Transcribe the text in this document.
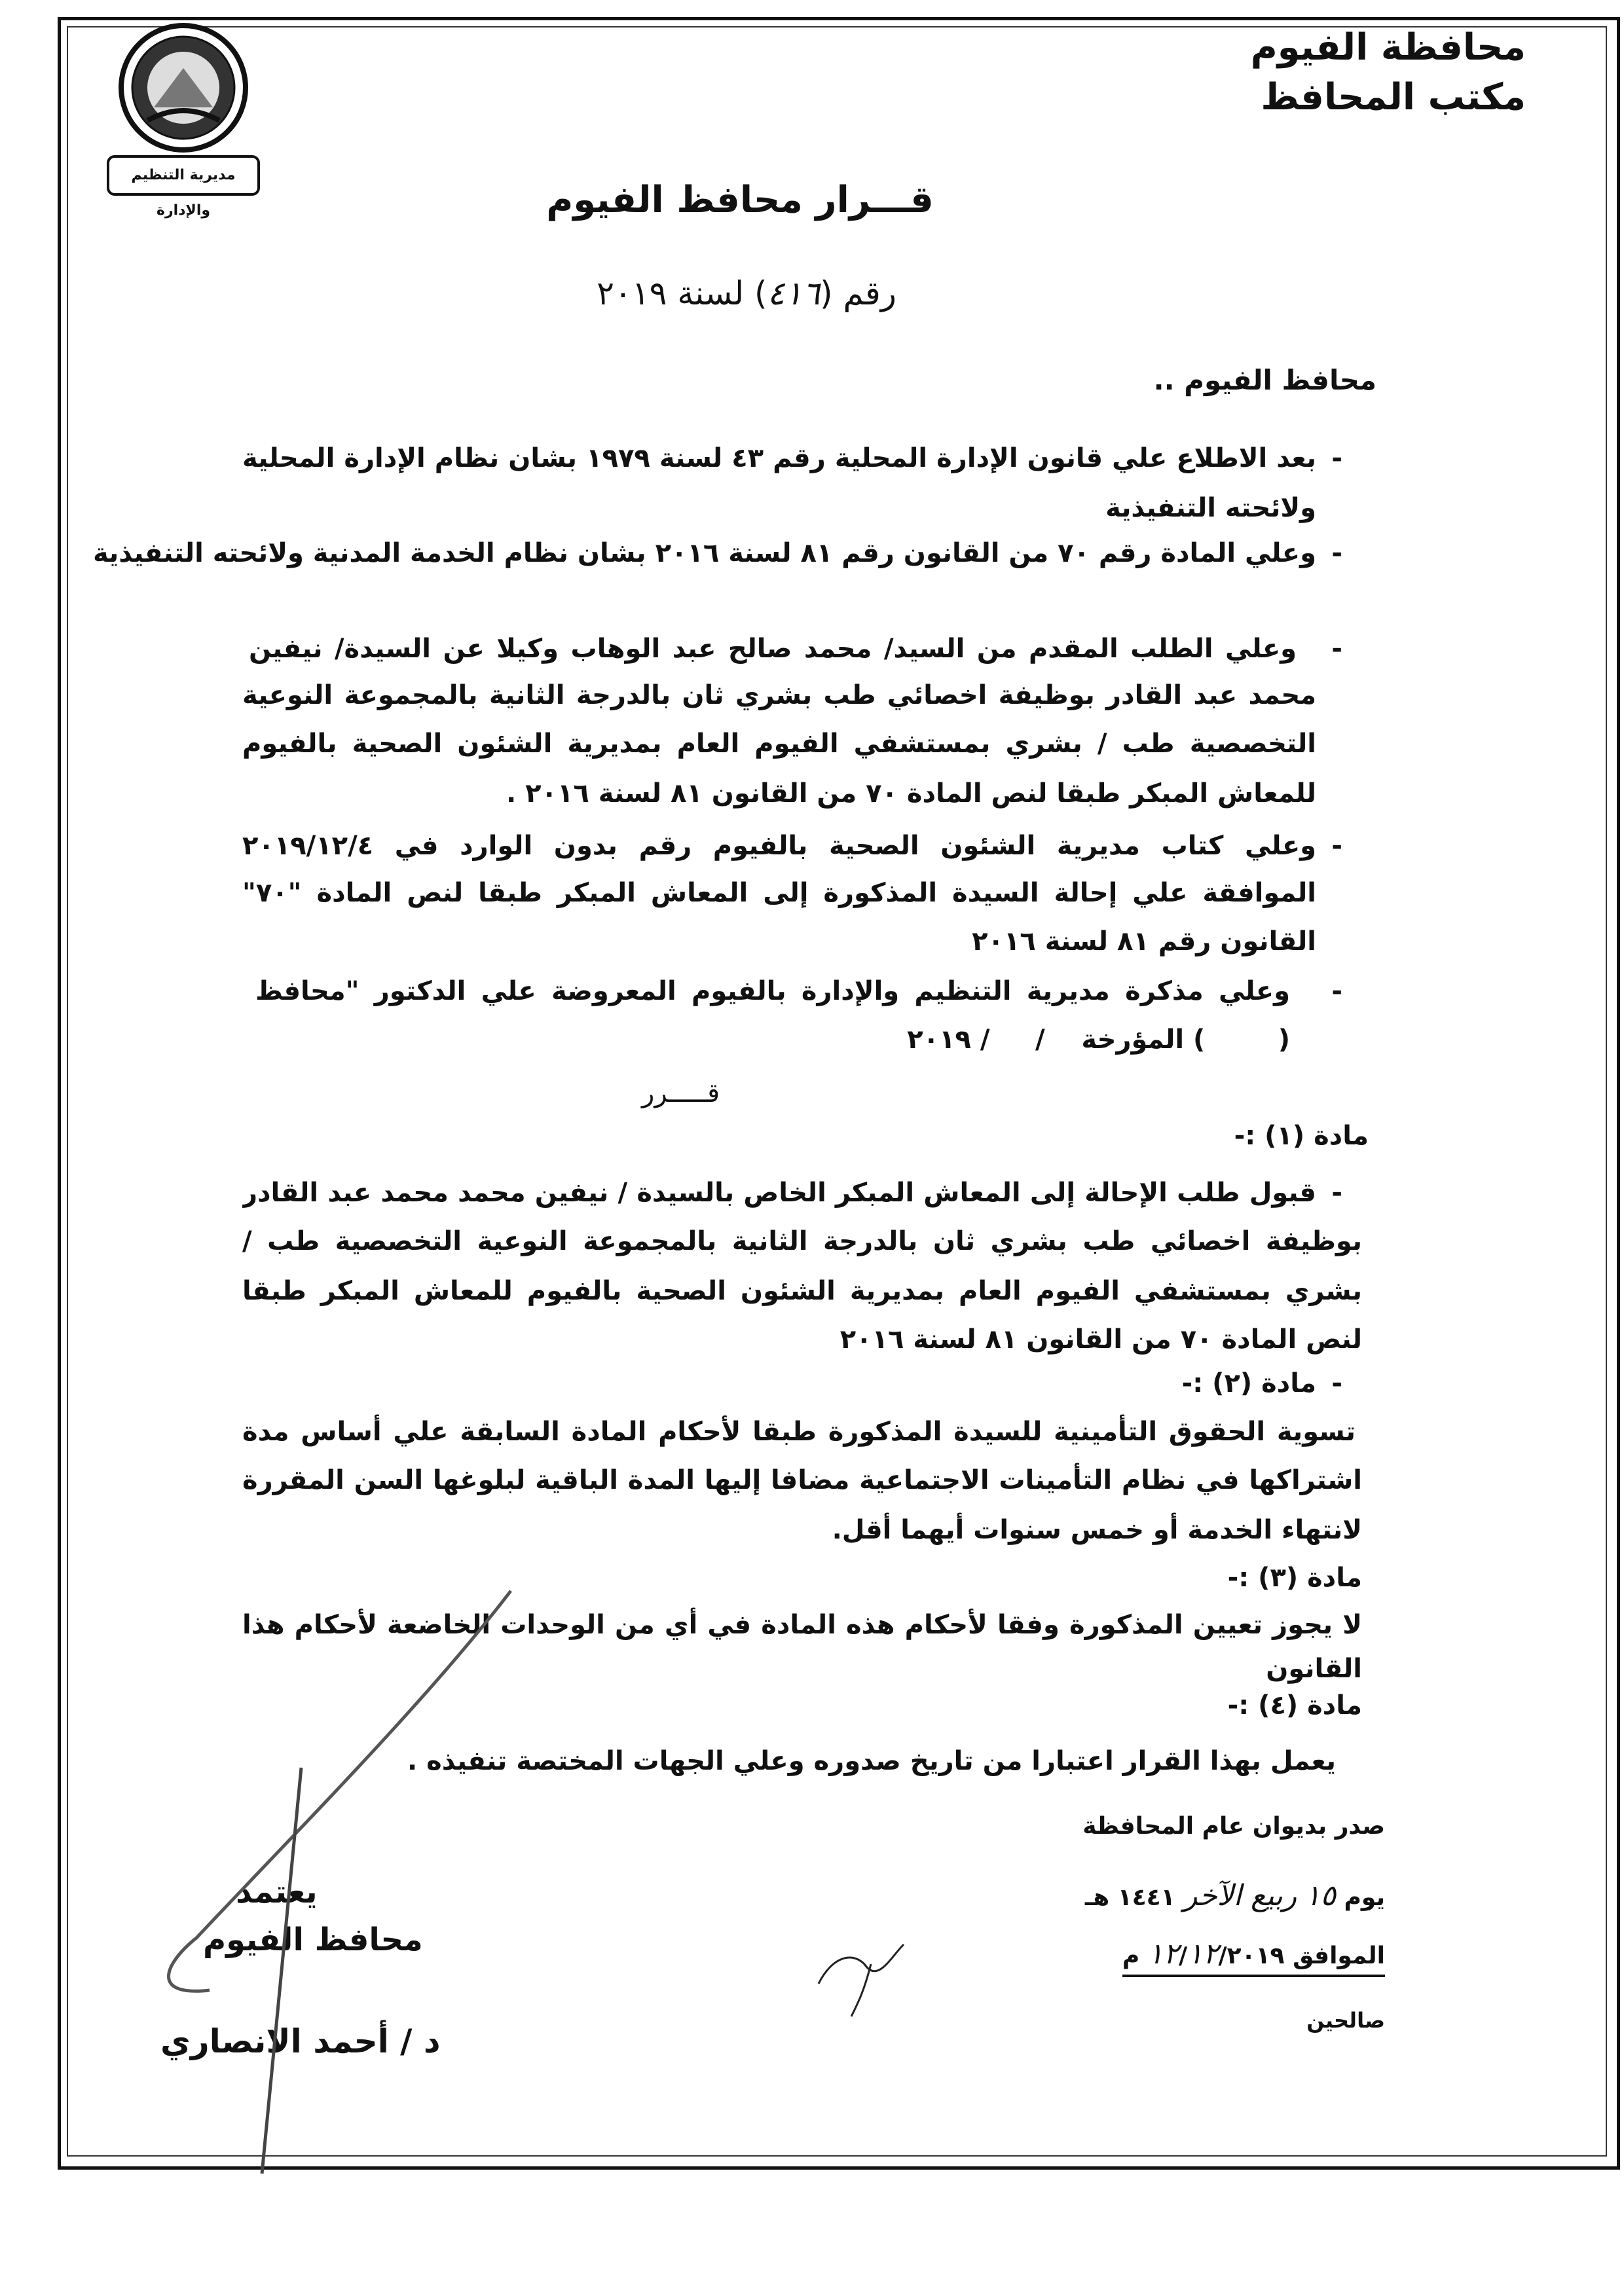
محافظة الفيوم
مكتب المحافظ
مديرية التنظيم والإدارة	قـــرار محافظ الفيوم
رقم (٤١٦) لسنة ٢٠١٩
محافظ الفيوم ..
-
-
-
-
-
-
-
بعد الاطلاع علي قانون الإدارة المحلية رقم ٤٣ لسنة ١٩٧٩ بشان نظام الإدارة المحلية
ولائحته التنفيذية
وعلي المادة رقم ٧٠ من القانون رقم ٨١ لسنة ٢٠١٦ بشان نظام الخدمة المدنية ولائحته التنفيذية
وعلي الطلب المقدم من السيد/ محمد صالح عبد الوهاب وكيلا عن السيدة/ نيفين
محمد عبد القادر بوظيفة اخصائي طب بشري ثان بالدرجة الثانية بالمجموعة النوعية
التخصصية طب / بشري بمستشفي الفيوم العام بمديرية الشئون الصحية بالفيوم
للمعاش المبكر طبقا لنص المادة ٧٠ من القانون ٨١ لسنة ٢٠١٦ .
وعلي كتاب مديرية الشئون الصحية بالفيوم رقم بدون الوارد في ٢٠١٩/١٢/٤
الموافقة علي إحالة السيدة المذكورة إلى المعاش المبكر طبقا لنص المادة "٧٠"
القانون رقم ٨١ لسنة ٢٠١٦
وعلي مذكرة مديرية التنظيم والإدارة بالفيوم المعروضة علي الدكتور "محافظ
(        ) المؤرخة    /     / ٢٠١٩
قـــــرر
مادة (١) :-
قبول طلب الإحالة إلى المعاش المبكر الخاص بالسيدة / نيفين محمد محمد عبد القادر
بوظيفة اخصائي طب بشري ثان بالدرجة الثانية بالمجموعة النوعية التخصصية طب /
بشري بمستشفي الفيوم العام بمديرية الشئون الصحية بالفيوم للمعاش المبكر طبقا
لنص المادة ٧٠ من القانون ٨١ لسنة ٢٠١٦
مادة (٢) :-
تسوية الحقوق التأمينية للسيدة المذكورة طبقا لأحكام المادة السابقة علي أساس مدة
اشتراكها في نظام التأمينات الاجتماعية مضافا إليها المدة الباقية لبلوغها السن المقررة
لانتهاء الخدمة أو خمس سنوات أيهما أقل.
مادة (٣) :-
لا يجوز تعيين المذكورة وفقا لأحكام هذه المادة في أي من الوحدات الخاضعة لأحكام هذا
القانون
مادة (٤) :-
يعمل بهذا القرار اعتبارا من تاريخ صدوره وعلي الجهات المختصة تنفيذه .
صدر بديوان عام المحافظة
يوم ١٥ ربيع الآخر ١٤٤١ هـ
الموافق ١٢/١٢/٢٠١٩ م
صالحين
يعتمد
محافظ الفيوم
د / أحمد الانصاري
